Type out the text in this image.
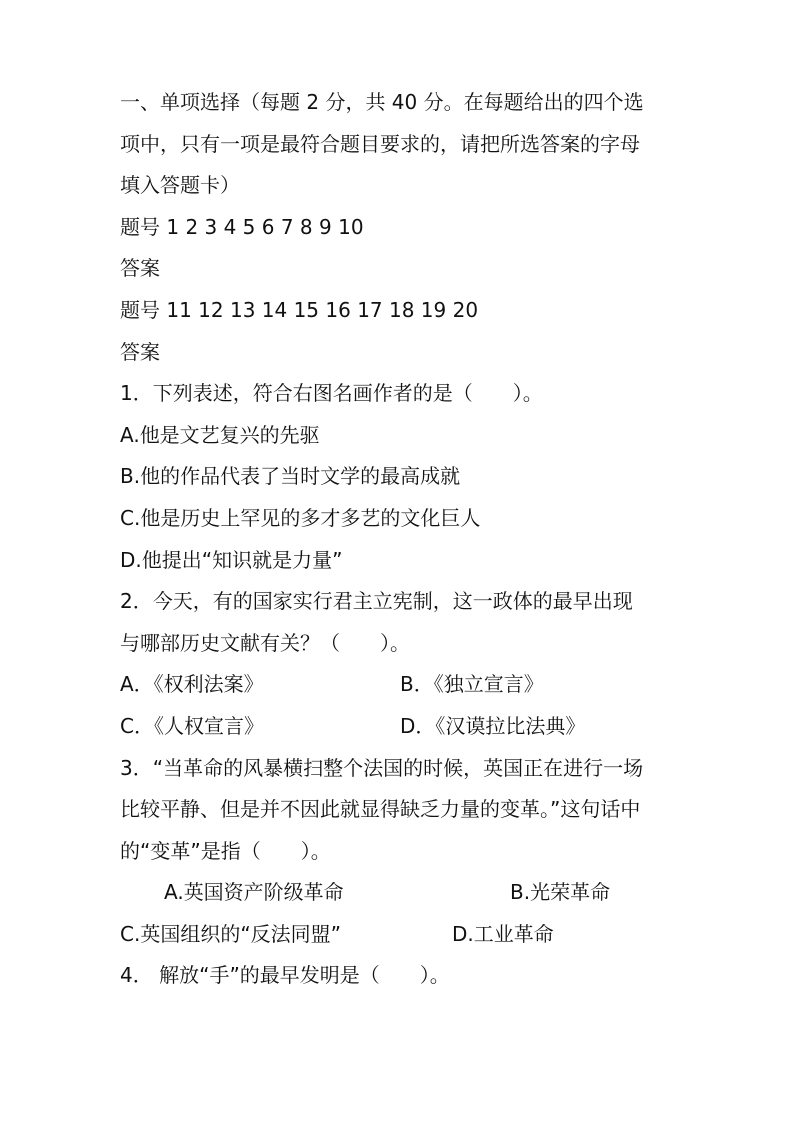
一、单项选择（每题 2 分，共 40 分。在每题给出的四个选
项中，只有一项是最符合题目要求的，请把所选答案的字母
填入答题卡）
题号 1 2 3 4 5 6 7 8 9 10
答案
题号 11 12 13 14 15 16 17 18 19 20
答案
1．下列表述，符合右图名画作者的是（　　）。
A.他是文艺复兴的先驱
B.他的作品代表了当时文学的最高成就
C.他是历史上罕见的多才多艺的文化巨人
D.他提出“知识就是力量”
2．今天，有的国家实行君主立宪制，这一政体的最早出现
与哪部历史文献有关？（　　）。
A．《权利法案》	B．《独立宣言》
C．《人权宣言》	D．《汉谟拉比法典》
3．“当革命的风暴横扫整个法国的时候，英国正在进行一场
比较平静、但是并不因此就显得缺乏力量的变革。”这句话中
的“变革”是指（　　）。
A.英国资产阶级革命	B.光荣革命
C.英国组织的“反法同盟”	D.工业革命
4． 解放“手”的最早发明是（　　）。
